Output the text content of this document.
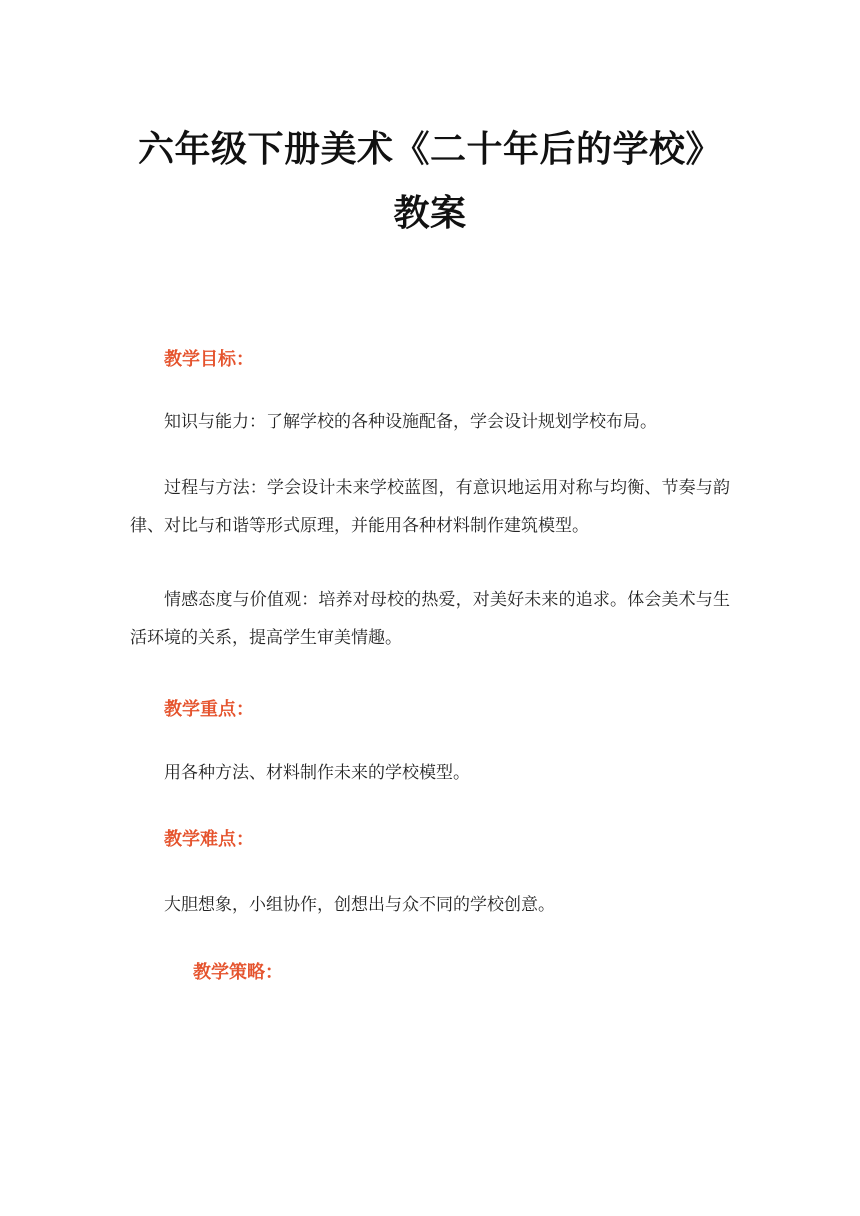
六年级下册美术《二十年后的学校》教案
教学目标：

知识与能力：了解学校的各种设施配备，学会设计规划学校布局。

过程与方法：学会设计未来学校蓝图，有意识地运用对称与均衡、节奏与韵律、对比与和谐等形式原理，并能用各种材料制作建筑模型。

情感态度与价值观：培养对母校的热爱，对美好未来的追求。体会美术与生活环境的关系，提高学生审美情趣。

教学重点：

用各种方法、材料制作未来的学校模型。

教学难点：

大胆想象，小组协作，创想出与众不同的学校创意。

教学策略：
